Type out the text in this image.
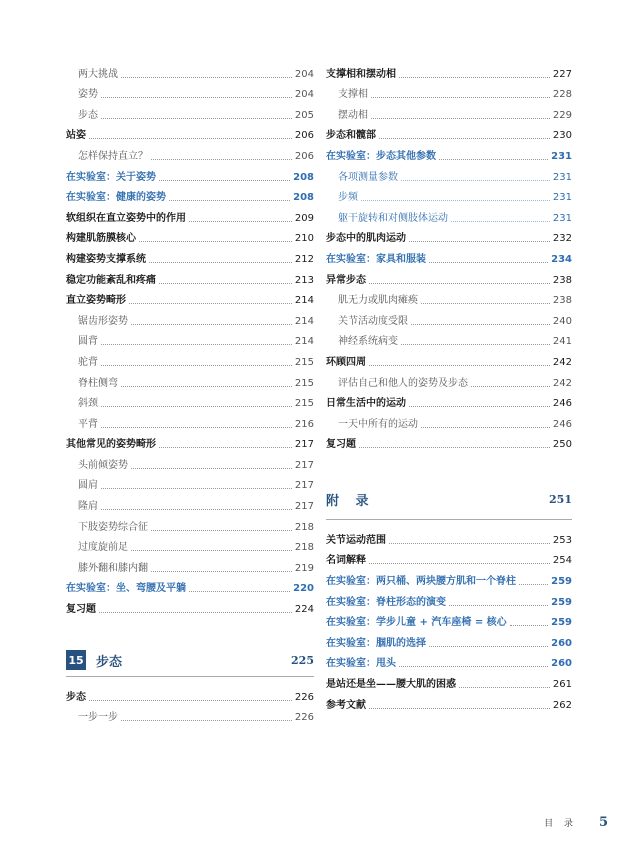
两大挑战	204
姿势	204
步态	205
站姿	206
怎样保持直立？	206
在实验室：关于姿势	208
在实验室：健康的姿势	208
软组织在直立姿势中的作用	209
构建肌筋膜核心	210
构建姿势支撑系统	212
稳定功能紊乱和疼痛	213
直立姿势畸形	214
锯齿形姿势	214
圆背	214
驼背	215
脊柱侧弯	215
斜颈	215
平背	216
其他常见的姿势畸形	217
头前倾姿势	217
圆肩	217
隆肩	217
下肢姿势综合征	218
过度旋前足	218
膝外翻和膝内翻	219
在实验室：坐、弯腰及平躺	220
复习题	224
15 步态	225
步态	226
一步一步	226
支撑相和摆动相	227
支撑相	228
摆动相	229
步态和髋部	230
在实验室：步态其他参数	231
各项测量参数	231
步频	231
躯干旋转和对侧肢体运动	231
步态中的肌肉运动	232
在实验室：家具和服装	234
异常步态	238
肌无力或肌肉瘫痪	238
关节活动度受限	240
神经系统病变	241
环顾四周	242
评估自己和他人的姿势及步态	242
日常生活中的运动	246
一天中所有的运动	246
复习题	250
附 录	251
关节运动范围	253
名词解释	254
在实验室：两只桶、两块腰方肌和一个脊柱	259
在实验室：脊柱形态的演变	259
在实验室：学步儿童 + 汽车座椅 = 核心	259
在实验室：腘肌的选择	260
在实验室：甩头	260
是站还是坐——腰大肌的困惑	261
参考文献	262
目 录 5
